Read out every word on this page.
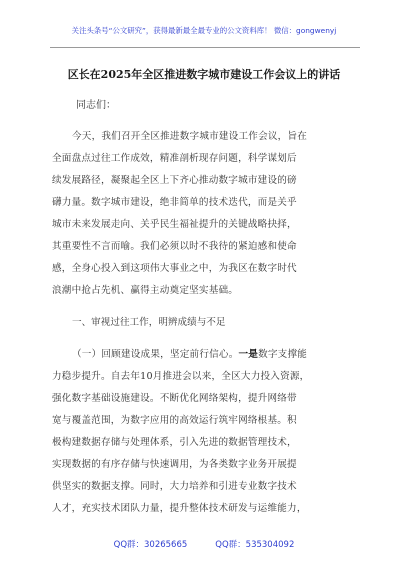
关注头条号“公文研究”，获得最新最全最专业的公文资料库！ 微信：gongwenyj
区长在2025年全区推进数字城市建设工作会议上的讲话
同志们：
今天，我们召开全区推进数字城市建设工作会议，旨在
全面盘点过往工作成效，精准剖析现存问题，科学谋划后
续发展路径，凝聚起全区上下齐心推动数字城市建设的磅
礴力量。数字城市建设，绝非简单的技术迭代，而是关乎
城市未来发展走向、关乎民生福祉提升的关键战略抉择，
其重要性不言而喻。我们必须以时不我待的紧迫感和使命
感，全身心投入到这项伟大事业之中，为我区在数字时代
浪潮中抢占先机、赢得主动奠定坚实基础。
一、审视过往工作，明辨成绩与不足
（一）回顾建设成果，坚定前行信心。一是数字支撑能
力稳步提升。自去年10月推进会以来，全区大力投入资源，
强化数字基础设施建设。不断优化网络架构，提升网络带
宽与覆盖范围，为数字应用的高效运行筑牢网络根基。积
极构建数据存储与处理体系，引入先进的数据管理技术，
实现数据的有序存储与快速调用，为各类数字业务开展提
供坚实的数据支撑。同时，大力培养和引进专业数字技术
人才，充实技术团队力量，提升整体技术研发与运维能力，
QQ群：30265665	QQ群：535304092
